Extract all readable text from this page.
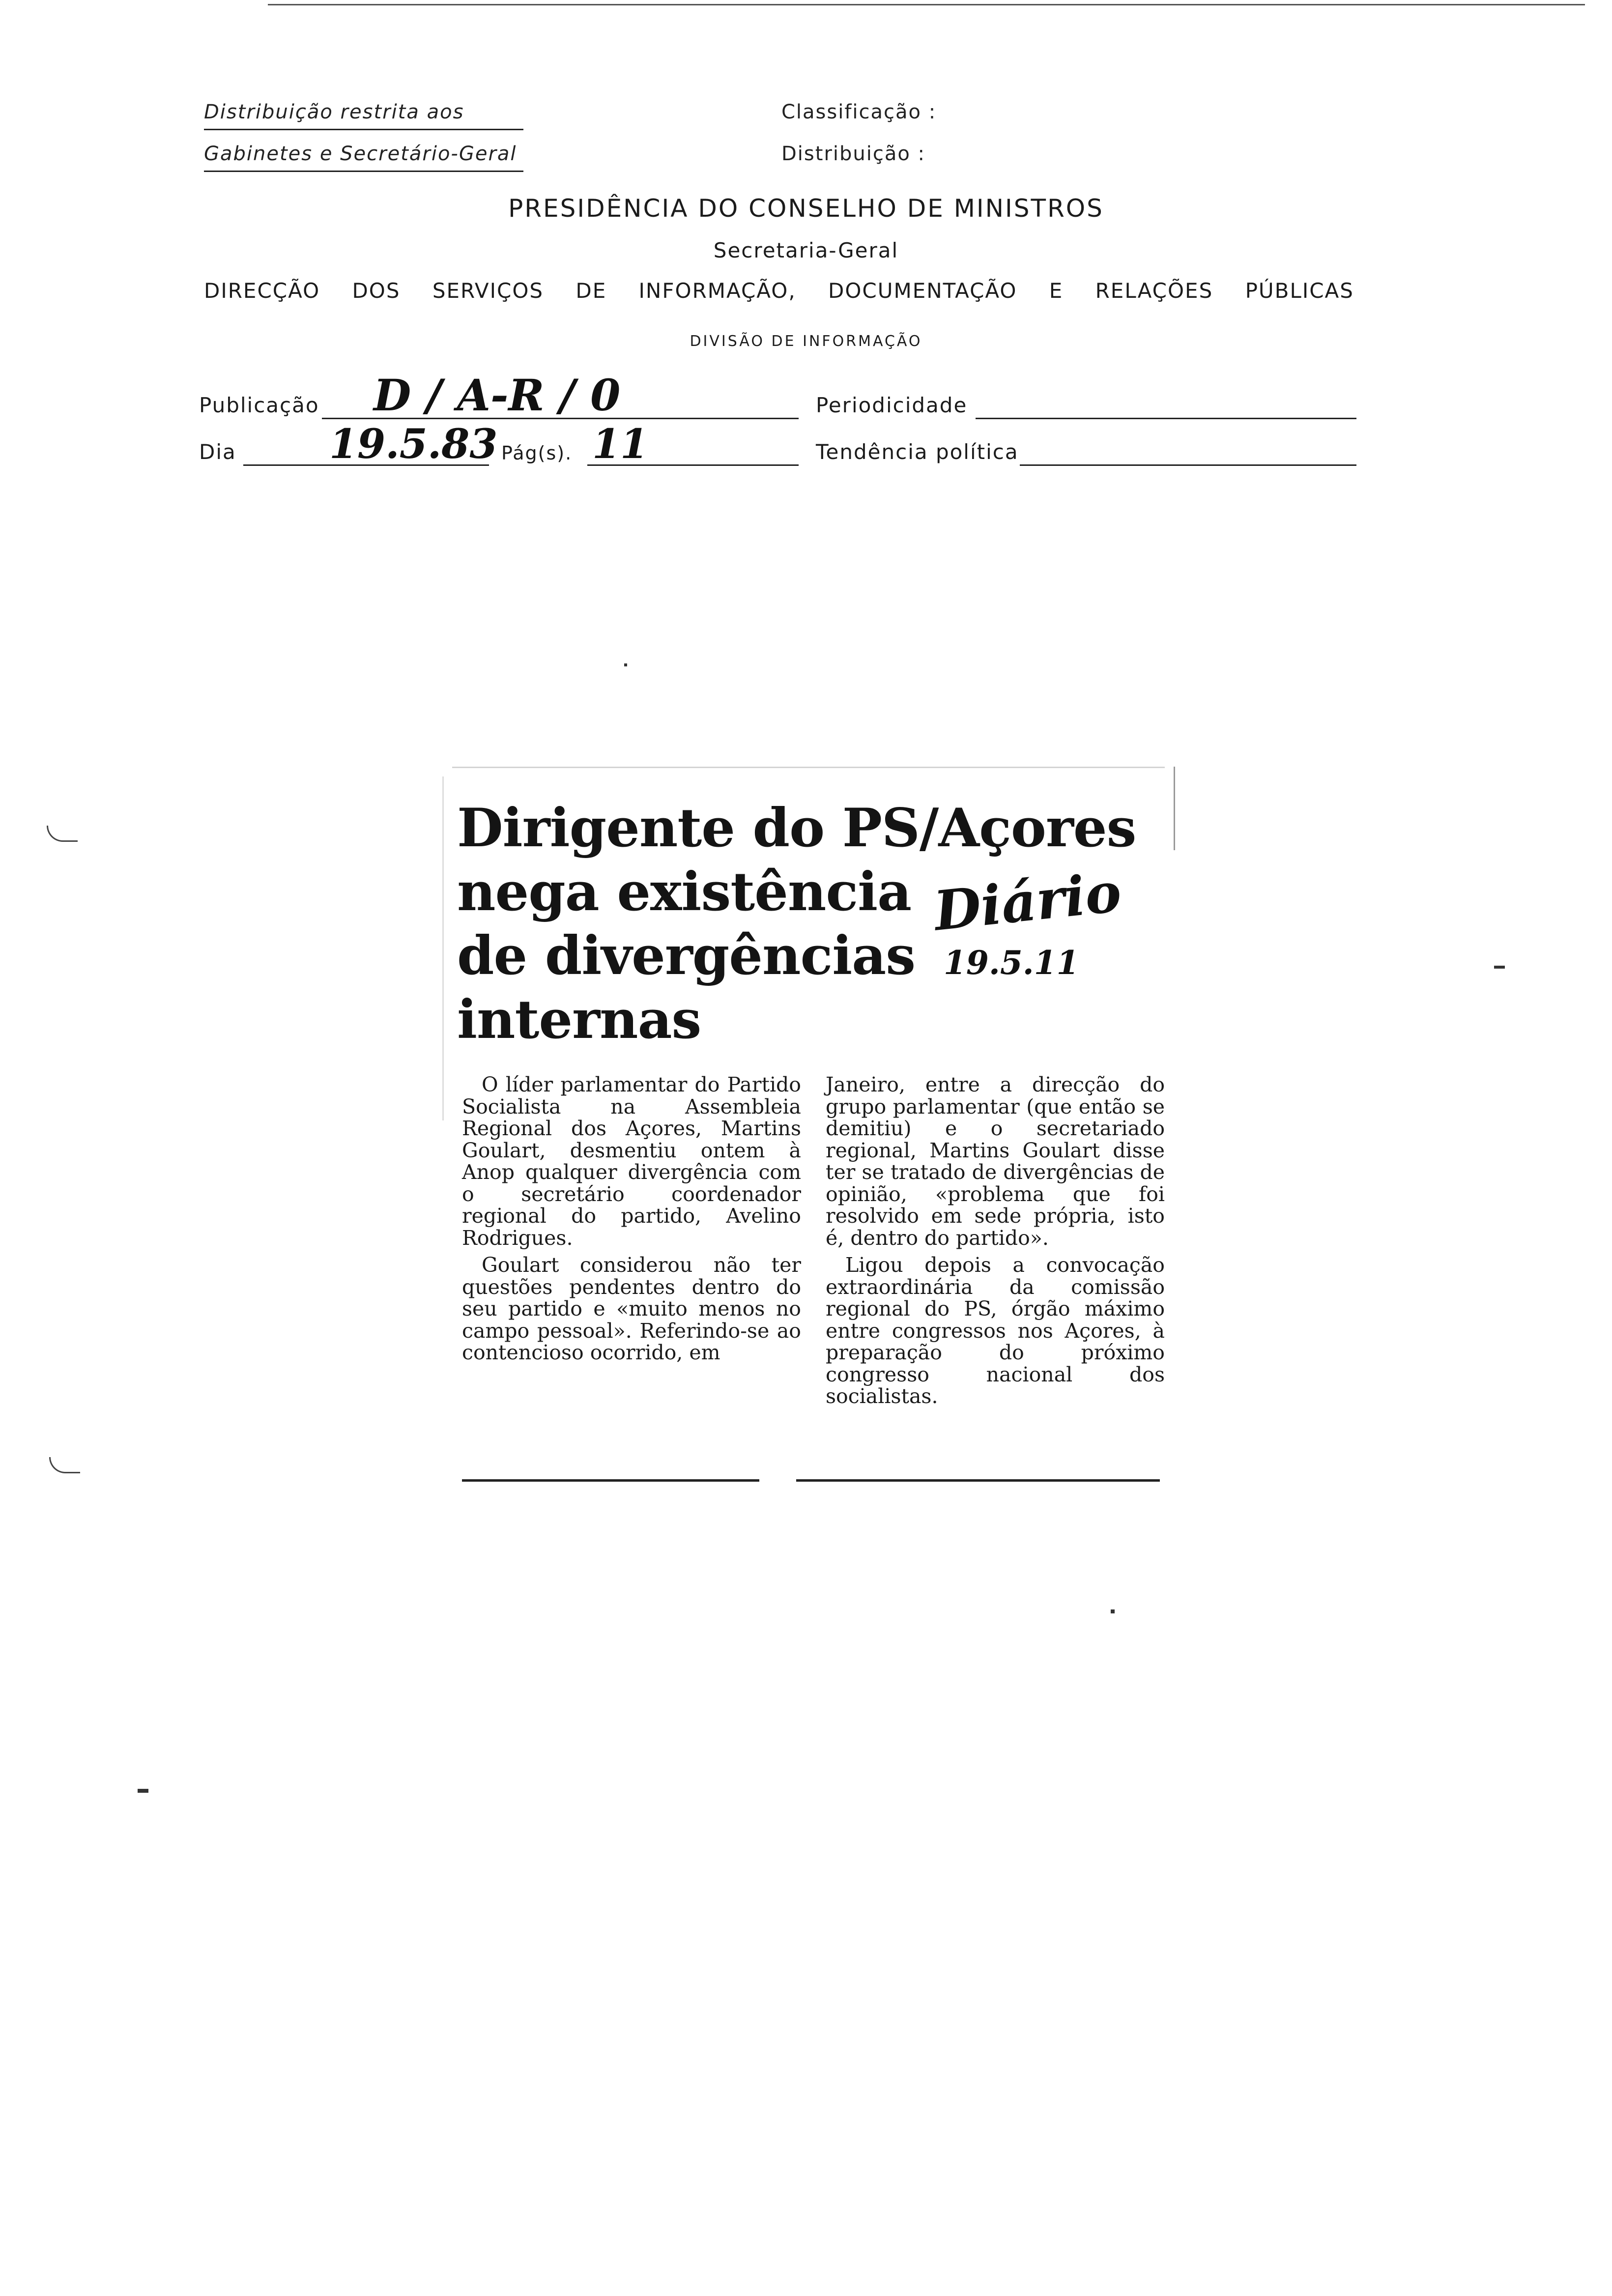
Distribuição restrita aos
Gabinetes e Secretário-Geral
Classificação :
Distribuição :
PRESIDÊNCIA DO CONSELHO DE MINISTROS
Secretaria-Geral
DIRECÇÃO DOS SERVIÇOS DE INFORMAÇÃO, DOCUMENTAÇÃO E RELAÇÕES PÚBLICAS
DIVISÃO DE INFORMAÇÃO
Publicação D / A-R / 0	Periodicidade
Dia 19.5.83 Pág(s). 11	Tendência política
Dirigente do PS/Açores
nega existência
de divergências
internas
Diário
19.5.11

O líder parlamentar do Partido Socialista na Assembleia Regional dos Açores, Martins Goulart, desmentiu ontem à Anop qualquer divergência com o secretário coordenador regional do partido, Avelino Rodrigues.

Goulart considerou não ter questões pendentes dentro do seu partido e «muito menos no campo pessoal». Referindo-se ao contencioso ocorrido, em

Janeiro, entre a direcção do grupo parlamentar (que então se demitiu) e o secretariado regional, Martins Goulart disse ter se tratado de divergências de opinião, «problema que foi resolvido em sede própria, isto é, dentro do partido».

Ligou depois a convocação extraordinária da comissão regional do PS, órgão máximo entre congressos nos Açores, à preparação do próximo congresso nacional dos socialistas.
